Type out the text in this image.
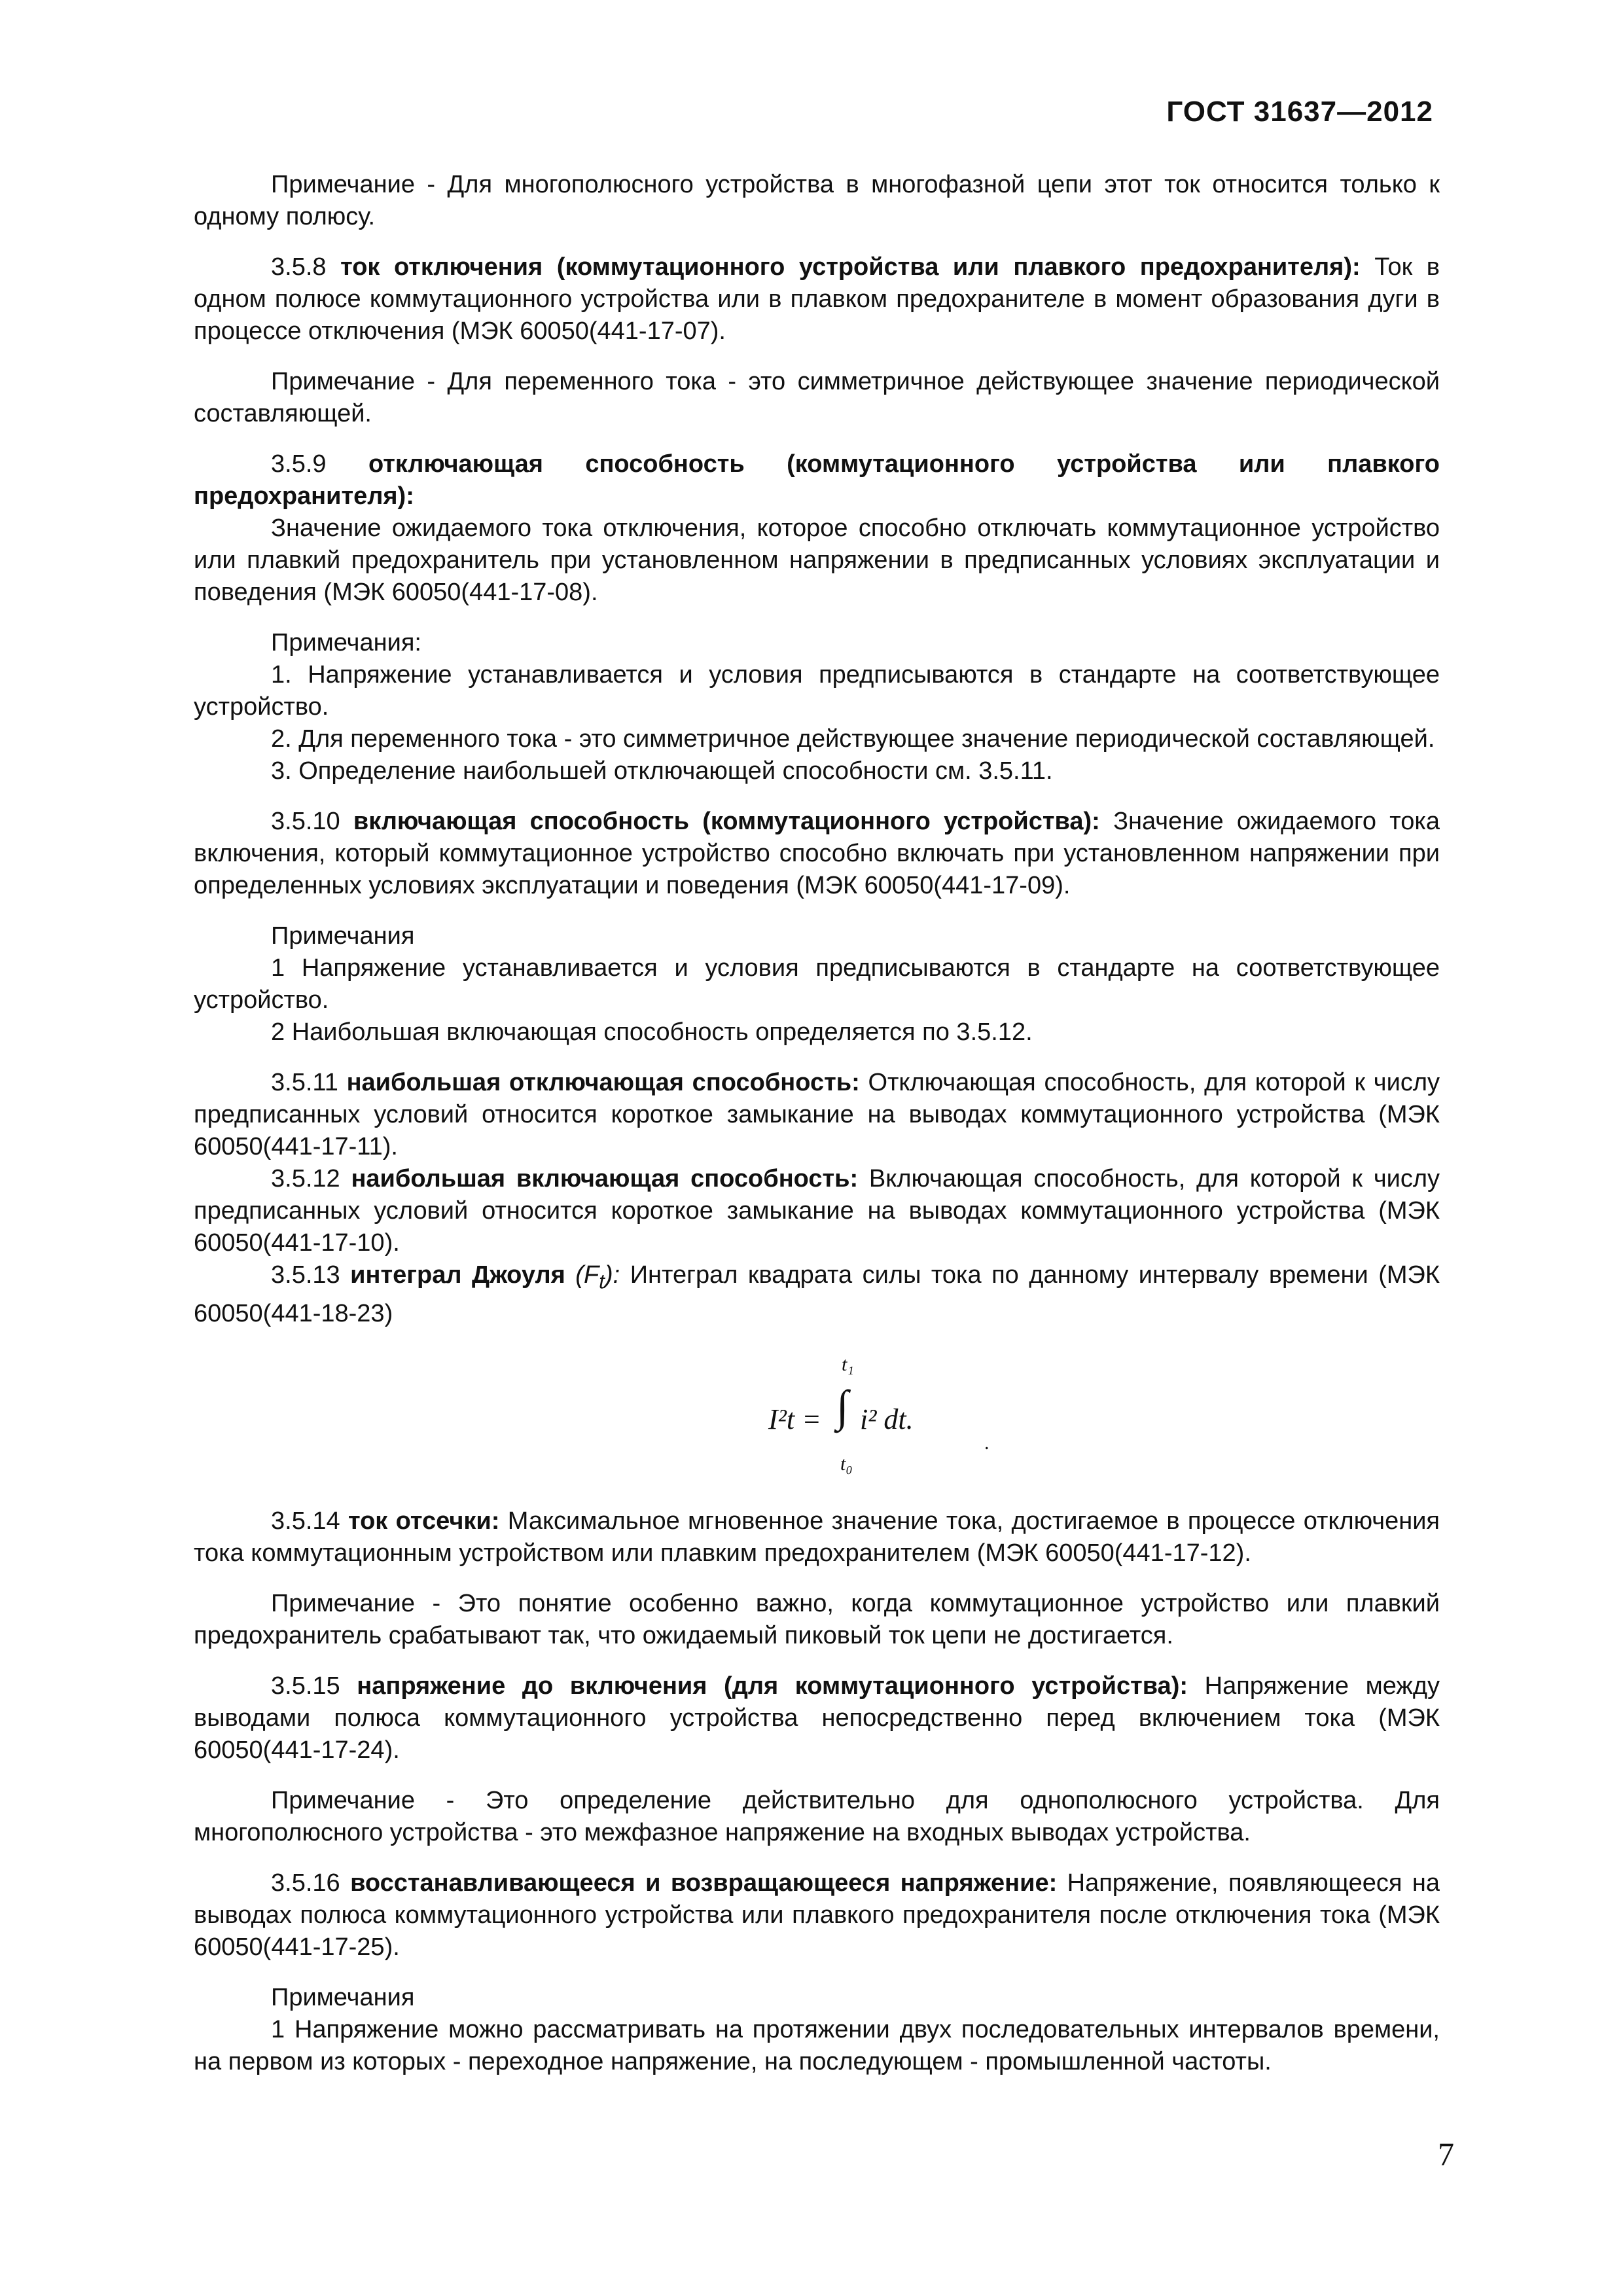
ГОСТ 31637—2012

Примечание - Для многополюсного устройства в многофазной цепи этот ток относится только к одному полюсу.

3.5.8 ток отключения (коммутационного устройства или плавкого предохранителя): Ток в одном полюсе коммутационного устройства или в плавком предохранителе в момент образования дуги в процессе отключения (МЭК 60050(441-17-07).

Примечание - Для переменного тока - это симметричное действующее значение периодической составляющей.

3.5.9 отключающая способность (коммутационного устройства или плавкого предохранителя):

Значение ожидаемого тока отключения, которое способно отключать коммутационное устройство или плавкий предохранитель при установленном напряжении в предписанных условиях эксплуатации и поведения (МЭК 60050(441-17-08).

Примечания:

1. Напряжение устанавливается и условия предписываются в стандарте на соответствующее устройство.

2. Для переменного тока - это симметричное действующее значение периодической составляющей.

3. Определение наибольшей отключающей способности см. 3.5.11.

3.5.10 включающая способность (коммутационного устройства): Значение ожидаемого тока включения, который коммутационное устройство способно включать при установленном напряжении при определенных условиях эксплуатации и поведения (МЭК 60050(441-17-09).

Примечания

1 Напряжение устанавливается и условия предписываются в стандарте на соответствующее устройство.

2 Наибольшая включающая способность определяется по 3.5.12.

3.5.11 наибольшая отключающая способность: Отключающая способность, для которой к числу предписанных условий относится короткое замыкание на выводах коммутационного устройства (МЭК 60050(441-17-11).

3.5.12 наибольшая включающая способность: Включающая способность, для которой к числу предписанных условий относится короткое замыкание на выводах коммутационного устройства (МЭК 60050(441-17-10).

3.5.13 интеграл Джоуля $(F_t)$: Интеграл квадрата силы тока по данному интервалу времени (МЭК 60050(441-18-23)

I²t =
t₁
∫ i² dt.
t₀
.

3.5.14 ток отсечки: Максимальное мгновенное значение тока, достигаемое в процессе отключения тока коммутационным устройством или плавким предохранителем (МЭК 60050(441-17-12).

Примечание - Это понятие особенно важно, когда коммутационное устройство или плавкий предохранитель срабатывают так, что ожидаемый пиковый ток цепи не достигается.

3.5.15 напряжение до включения (для коммутационного устройства): Напряжение между выводами полюса коммутационного устройства непосредственно перед включением тока (МЭК 60050(441-17-24).

Примечание - Это определение действительно для однополюсного устройства. Для многополюсного устройства - это межфазное напряжение на входных выводах устройства.

3.5.16 восстанавливающееся и возвращающееся напряжение: Напряжение, появляющееся на выводах полюса коммутационного устройства или плавкого предохранителя после отключения тока (МЭК 60050(441-17-25).

Примечания

1 Напряжение можно рассматривать на протяжении двух последовательных интервалов времени, на первом из которых - переходное напряжение, на последующем - промышленной частоты.

7
